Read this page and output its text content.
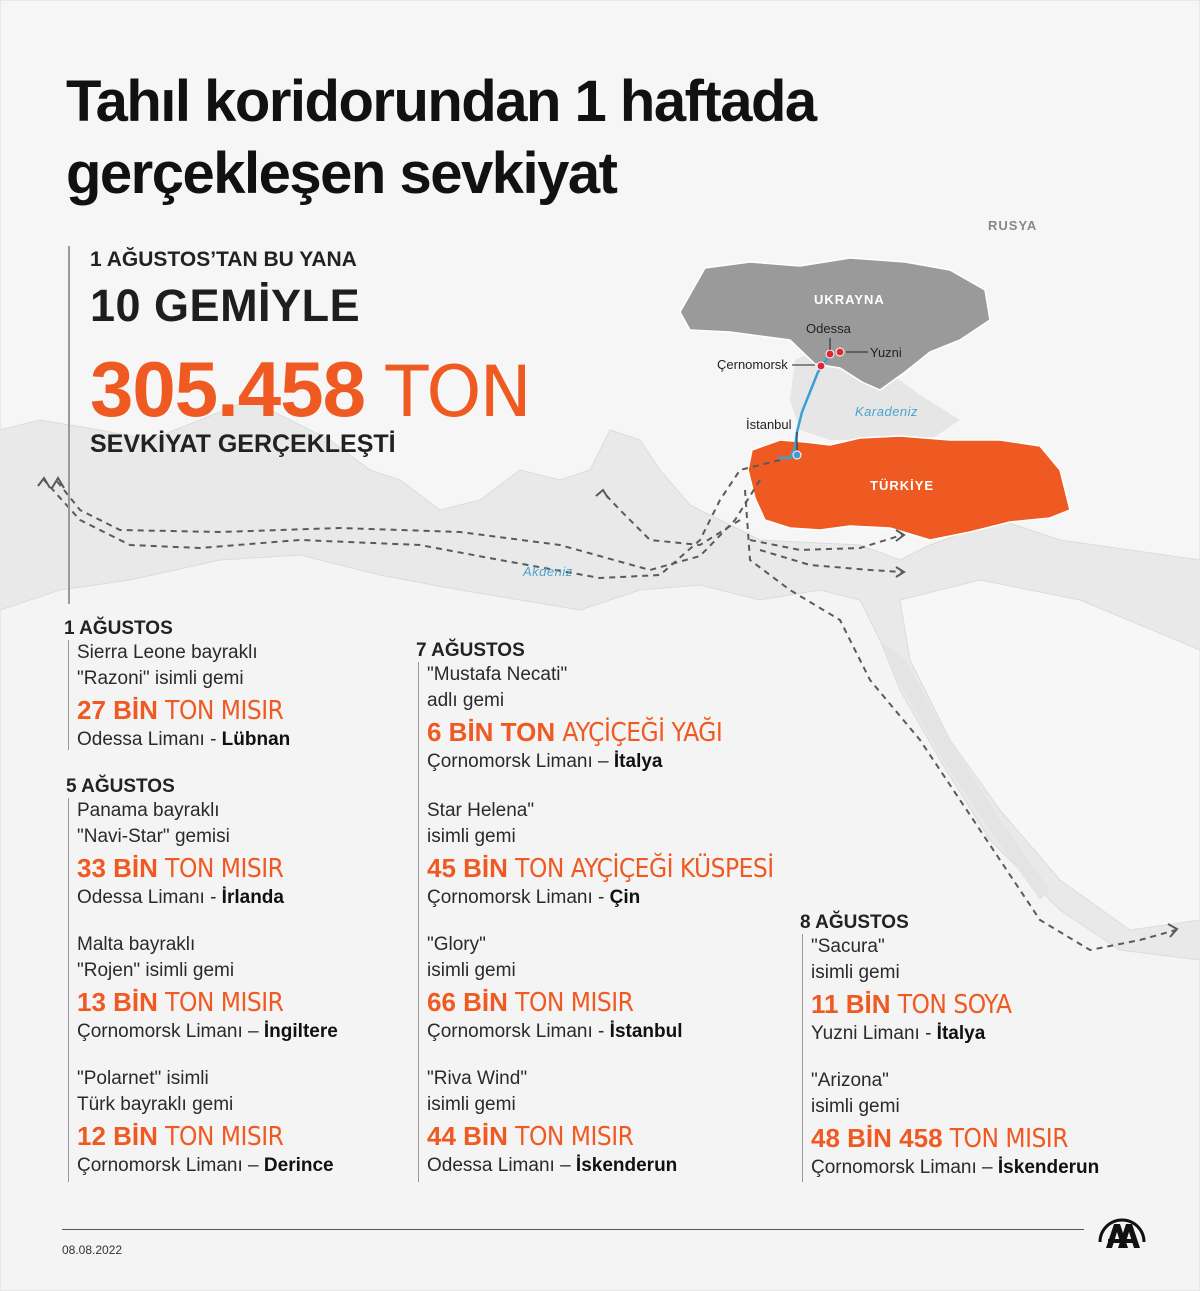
Tahıl koridorundan 1 haftada
gerçekleşen sevkiyat
1 AĞUSTOS’TAN BU YANA
10 GEMİYLE
305.458 TON
SEVKİYAT GERÇEKLEŞTİ
RUSYA
UKRAYNA
TÜRKİYE
Odessa
Yuzni
Çernomorsk
İstanbul
Karadeniz
Akdeniz
1 AĞUSTOS
Sierra Leone bayraklı
"Razoni" isimli gemi
27 BİN TON MISIR
Odessa Limanı - Lübnan
5 AĞUSTOS
Panama bayraklı
"Navi-Star" gemisi
33 BİN TON MISIR
Odessa Limanı - İrlanda
Malta bayraklı
"Rojen" isimli gemi
13 BİN TON MISIR
Çornomorsk Limanı – İngiltere
"Polarnet" isimli
Türk bayraklı gemi
12 BİN TON MISIR
Çornomorsk Limanı – Derince
7 AĞUSTOS
"Mustafa Necati"
adlı gemi
6 BİN TON AYÇİÇEĞİ YAĞI
Çornomorsk Limanı – İtalya
Star Helena"
isimli gemi
45 BİN TON AYÇİÇEĞİ KÜSPESİ
Çornomorsk Limanı - Çin
"Glory"
isimli gemi
66 BİN TON MISIR
Çornomorsk Limanı - İstanbul
"Riva Wind"
isimli gemi
44 BİN TON MISIR
Odessa Limanı – İskenderun
8 AĞUSTOS
"Sacura"
isimli gemi
11 BİN TON SOYA
Yuzni Limanı - İtalya
"Arizona"
isimli gemi
48 BİN 458 TON MISIR
Çornomorsk Limanı – İskenderun
08.08.2022
